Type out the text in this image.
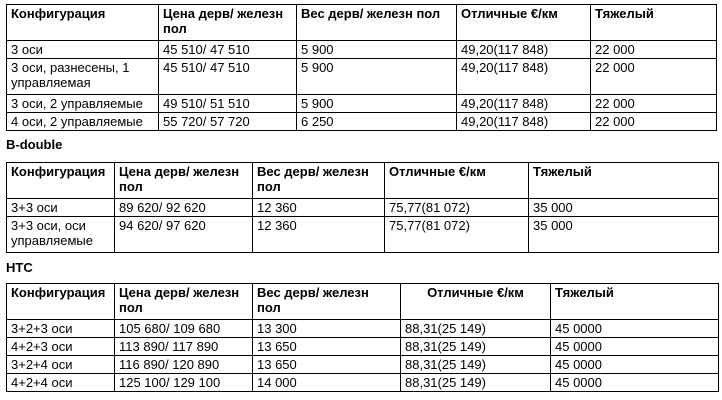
Конфигурация	Цена дерв/ железн пол	Вес дерв/ железн пол	Отличные €/км	Тяжелый
3 оси	45 510/ 47 510	5 900	49,20(117 848)	22 000
3 оси, разнесены, 1 управляемая	45 510/ 47 510	5 900	49,20(117 848)	22 000
3 оси, 2 управляемые	49 510/ 51 510	5 900	49,20(117 848)	22 000
4 оси, 2 управляемые	55 720/ 57 720	6 250	49,20(117 848)	22 000
B-double
Конфигурация	Цена дерв/ железн пол	Вес дерв/ железн пол	Отличные €/км	Тяжелый
3+3 оси	89 620/ 92 620	12 360	75,77(81 072)	35 000
3+3 оси, оси управляемые	94 620/ 97 620	12 360	75,77(81 072)	35 000
HTC
Конфигурация	Цена дерв/ железн пол	Вес дерв/ железн пол	Отличные €/км	Тяжелый
3+2+3 оси	105 680/ 109 680	13 300	88,31(25 149)	45 0000
4+2+3 оси	113 890/ 117 890	13 650	88,31(25 149)	45 0000
3+2+4 оси	116 890/ 120 890	13 650	88,31(25 149)	45 0000
4+2+4 оси	125 100/ 129 100	14 000	88,31(25 149)	45 0000
